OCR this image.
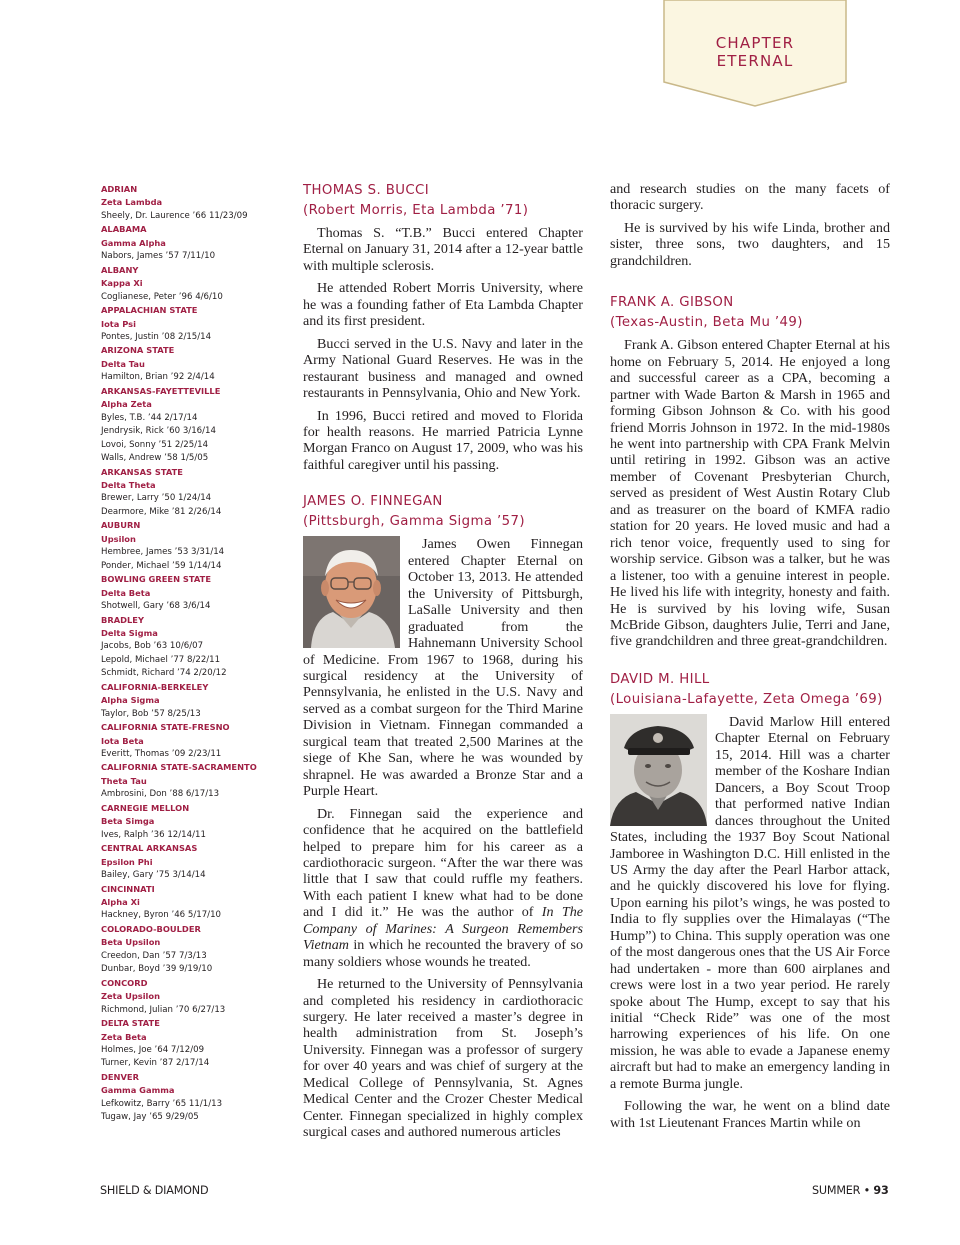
CHAPTER
ETERNAL
ADRIAN
Zeta Lambda
Sheely, Dr. Laurence ’66 11/23/09
ALABAMA
Gamma Alpha
Nabors, James ’57 7/11/10
ALBANY
Kappa Xi
Coglianese, Peter ’96 4/6/10
APPALACHIAN STATE
Iota Psi
Pontes, Justin ’08 2/15/14
ARIZONA STATE
Delta Tau
Hamilton, Brian ’92 2/4/14
ARKANSAS-FAYETTEVILLE
Alpha Zeta
Byles, T.B. ’44 2/17/14
Jendrysik, Rick ’60 3/16/14
Lovoi, Sonny ’51 2/25/14
Walls, Andrew ’58 1/5/05
ARKANSAS STATE
Delta Theta
Brewer, Larry ’50 1/24/14
Dearmore, Mike ’81 2/26/14
AUBURN
Upsilon
Hembree, James ’53 3/31/14
Ponder, Michael ’59 1/14/14
BOWLING GREEN STATE
Delta Beta
Shotwell, Gary ’68 3/6/14
BRADLEY
Delta Sigma
Jacobs, Bob ’63 10/6/07
Lepold, Michael ’77 8/22/11
Schmidt, Richard ’74 2/20/12
CALIFORNIA-BERKELEY
Alpha Sigma
Taylor, Bob ’57 8/25/13
CALIFORNIA STATE-FRESNO
Iota Beta
Everitt, Thomas ’09 2/23/11
CALIFORNIA STATE-SACRAMENTO
Theta Tau
Ambrosini, Don ’88 6/17/13
CARNEGIE MELLON
Beta Simga
Ives, Ralph ’36 12/14/11
CENTRAL ARKANSAS
Epsilon Phi
Bailey, Gary ’75 3/14/14
CINCINNATI
Alpha Xi
Hackney, Byron ’46 5/17/10
COLORADO-BOULDER
Beta Upsilon
Creedon, Dan ’57 7/3/13
Dunbar, Boyd ’39 9/19/10
CONCORD
Zeta Upsilon
Richmond, Julian ’70 6/27/13
DELTA STATE
Zeta Beta
Holmes, Joe ’64 7/12/09
Turner, Kevin ’87 2/17/14
DENVER
Gamma Gamma
Lefkowitz, Barry ’65 11/1/13
Tugaw, Jay ’65 9/29/05
THOMAS S. BUCCI
(Robert Morris, Eta Lambda ’71)

Thomas S. “T.B.” Bucci entered Chapter Eternal on January 31, 2014 after a 12-year battle with multiple sclerosis.

He attended Robert Morris University, where he was a founding father of Eta Lambda Chapter and its first president.

Bucci served in the U.S. Navy and later in the Army National Guard Reserves. He was in the restaurant business and managed and owned restaurants in Pennsylvania, Ohio and New York.

In 1996, Bucci retired and moved to Florida for health reasons. He married Patricia Lynne Morgan Franco on August 17, 2009, who was his faithful caregiver until his passing.

JAMES O. FINNEGAN
(Pittsburgh, Gamma Sigma ’57)

James Owen Finnegan entered Chapter Eternal on October 13, 2013. He attended the University of Pittsburgh, LaSalle University and then graduated from the Hahnemann University School of Medicine. From 1967 to 1968, during his surgical residency at the University of Pennsylvania, he enlisted in the U.S. Navy and served as a combat surgeon for the Third Marine Division in Vietnam. Finnegan commanded a surgical team that treated 2,500 Marines at the siege of Khe San, where he was wounded by shrapnel. He was awarded a Bronze Star and a Purple Heart.

Dr. Finnegan said the experience and confidence that he acquired on the battlefield helped to prepare him for his career as a cardiothoracic surgeon. “After the war there was little that I saw that could ruffle my feathers. With each patient I knew what had to be done and I did it.” He was the author of In The Company of Marines: A Surgeon Remembers Vietnam in which he recounted the bravery of so many soldiers whose wounds he treated.

He returned to the University of Pennsylvania and completed his residency in cardiothoracic surgery. He later received a master’s degree in health administration from St. Joseph’s University. Finnegan was a professor of surgery for over 40 years and was chief of surgery at the Medical College of Pennsylvania, St. Agnes Medical Center and the Crozer Chester Medical Center. Finnegan specialized in highly complex surgical cases and authored numerous articles

and research studies on the many facets of thoracic surgery.

He is survived by his wife Linda, brother and sister, three sons, two daughters, and 15 grandchildren.

FRANK A. GIBSON
(Texas-Austin, Beta Mu ’49)

Frank A. Gibson entered Chapter Eternal at his home on February 5, 2014. He enjoyed a long and successful career as a CPA, becoming a partner with Wade Barton & Marsh in 1965 and forming Gibson Johnson & Co. with his good friend Morris Johnson in 1972. In the mid-1980s he went into partnership with CPA Frank Melvin until retiring in 1992. Gibson was an active member of Covenant Presbyterian Church, served as president of West Austin Rotary Club and as treasurer on the board of KMFA radio station for 20 years. He loved music and had a rich tenor voice, frequently used to sing for worship service. Gibson was a talker, but he was a listener, too with a genuine interest in people. He lived his life with integrity, honesty and faith. He is survived by his loving wife, Susan McBride Gibson, daughters Julie, Terri and Jane, five grandchildren and three great-grandchildren.

DAVID M. HILL
(Louisiana-Lafayette, Zeta Omega ’69)

David Marlow Hill entered Chapter Eternal on February 15, 2014. Hill was a charter member of the Koshare Indian Dancers, a Boy Scout Troop that performed native Indian dances throughout the United States, including the 1937 Boy Scout National Jamboree in Washington D.C. Hill enlisted in the US Army the day after the Pearl Harbor attack, and he quickly discovered his love for flying. Upon earning his pilot’s wings, he was posted to India to fly supplies over the Himalayas (“The Hump”) to China. This supply operation was one of the most dangerous ones that the US Air Force had undertaken - more than 600 airplanes and crews were lost in a two year period. He rarely spoke about The Hump, except to say that his initial “Check Ride” was one of the most harrowing experiences of his life. On one mission, he was able to evade a Japanese enemy aircraft but had to make an emergency landing in a remote Burma jungle.

Following the war, he went on a blind date with 1st Lieutenant Frances Martin while on

SHIELD & DIAMOND	SUMMER • 93
